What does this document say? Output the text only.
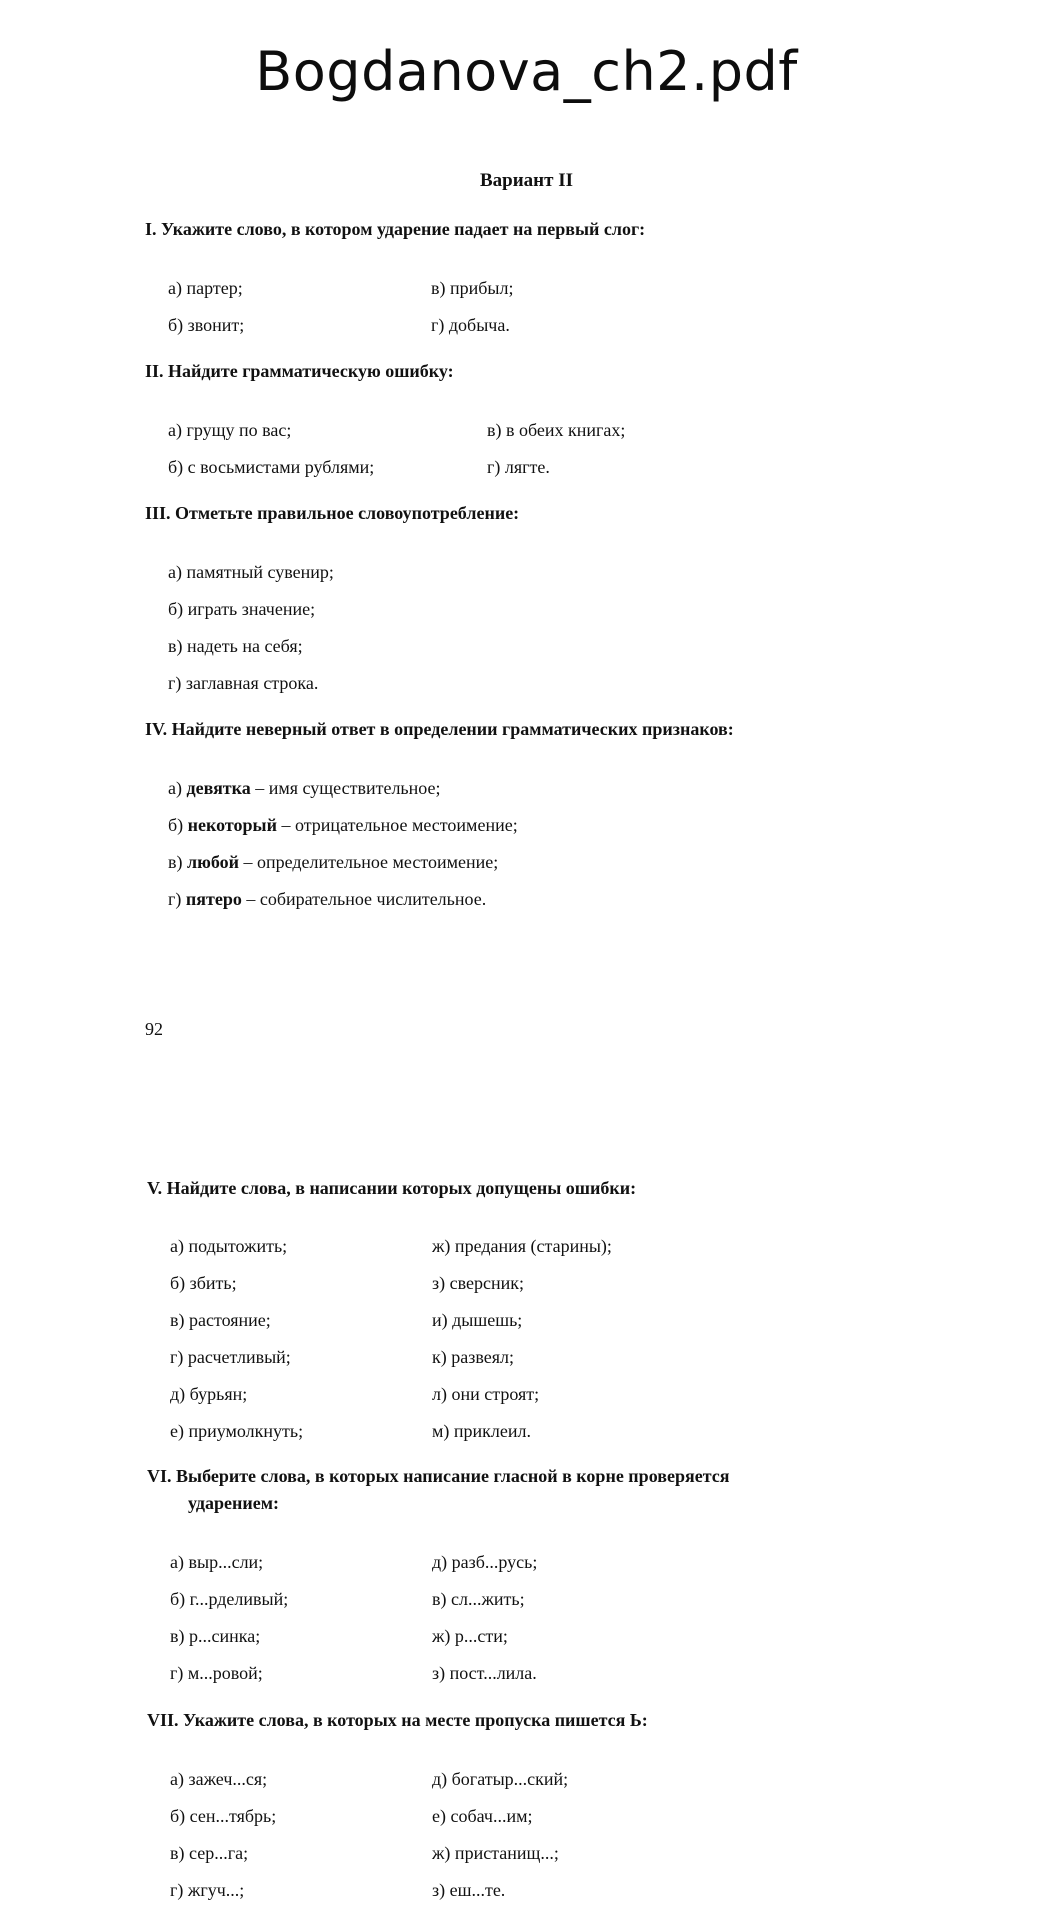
Bogdanova_ch2.pdf
Вариант II
I. Укажите слово, в котором ударение падает на первый слог:
а) партер;	в) прибыл;
б) звонит;	г) добыча.
II. Найдите грамматическую ошибку:
а) грущу по вас;	в) в обеих книгах;
б) с восьмистами рублями;	г) лягте.
III. Отметьте правильное словоупотребление:
а) памятный сувенир;
б) играть значение;
в) надеть на себя;
г) заглавная строка.
IV. Найдите неверный ответ в определении грамматических признаков:
а) девятка – имя существительное;
б) некоторый – отрицательное местоимение;
в) любой – определительное местоимение;
г) пятеро – собирательное числительное.
92
V. Найдите слова, в написании которых допущены ошибки:
а) подытожить;	ж) предания (старины);
б) збить;	з) сверсник;
в) растояние;	и) дышешь;
г) расчетливый;	к) развеял;
д) бурьян;	л) они строят;
е) приумолкнуть;	м) приклеил.
VI. Выберите слова, в которых написание гласной в корне проверяется
ударением:
а) выр...сли;	д) разб...русь;
б) г...рделивый;	в) сл...жить;
в) р...синка;	ж) р...сти;
г) м...ровой;	з) пост...лила.
VII. Укажите слова, в которых на месте пропуска пишется Ь:
а) зажеч...ся;	д) богатыр...ский;
б) сен...тябрь;	е) собач...им;
в) сер...га;	ж) пристанищ...;
г) жгуч...;	з) еш...те.
